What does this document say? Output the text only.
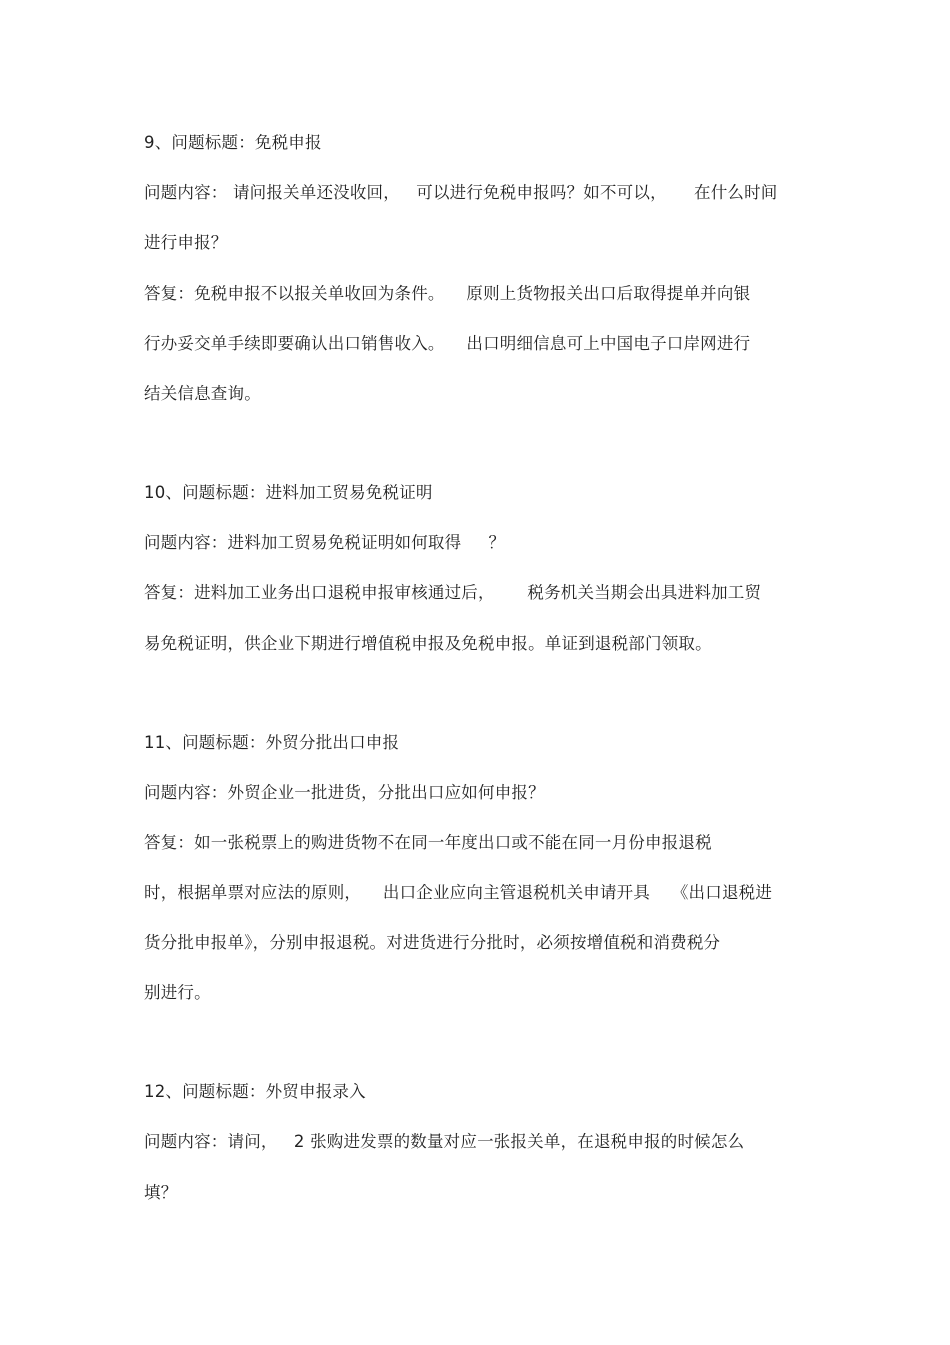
9、问题标题：免税申报
问题内容： 请问报关单还没收回，   可以进行免税申报吗？如不可以，     在什么时间
进行申报？
答复：免税申报不以报关单收回为条件。    原则上货物报关出口后取得提单并向银
行办妥交单手续即要确认出口销售收入。    出口明细信息可上中国电子口岸网进行
结关信息查询。
10、问题标题：进料加工贸易免税证明
问题内容：进料加工贸易免税证明如何取得     ？
答复：进料加工业务出口退税申报审核通过后，      税务机关当期会出具进料加工贸
易免税证明，供企业下期进行增值税申报及免税申报。单证到退税部门领取。
11、问题标题：外贸分批出口申报
问题内容：外贸企业一批进货，分批出口应如何申报？
答复：如一张税票上的购进货物不在同一年度出口或不能在同一月份申报退税
时，根据单票对应法的原则，    出口企业应向主管退税机关申请开具    《出口退税进
货分批申报单》，分别申报退税。对进货进行分批时，必须按增值税和消费税分
别进行。
12、问题标题：外贸申报录入
问题内容：请问，   2 张购进发票的数量对应一张报关单，在退税申报的时候怎么
填？
